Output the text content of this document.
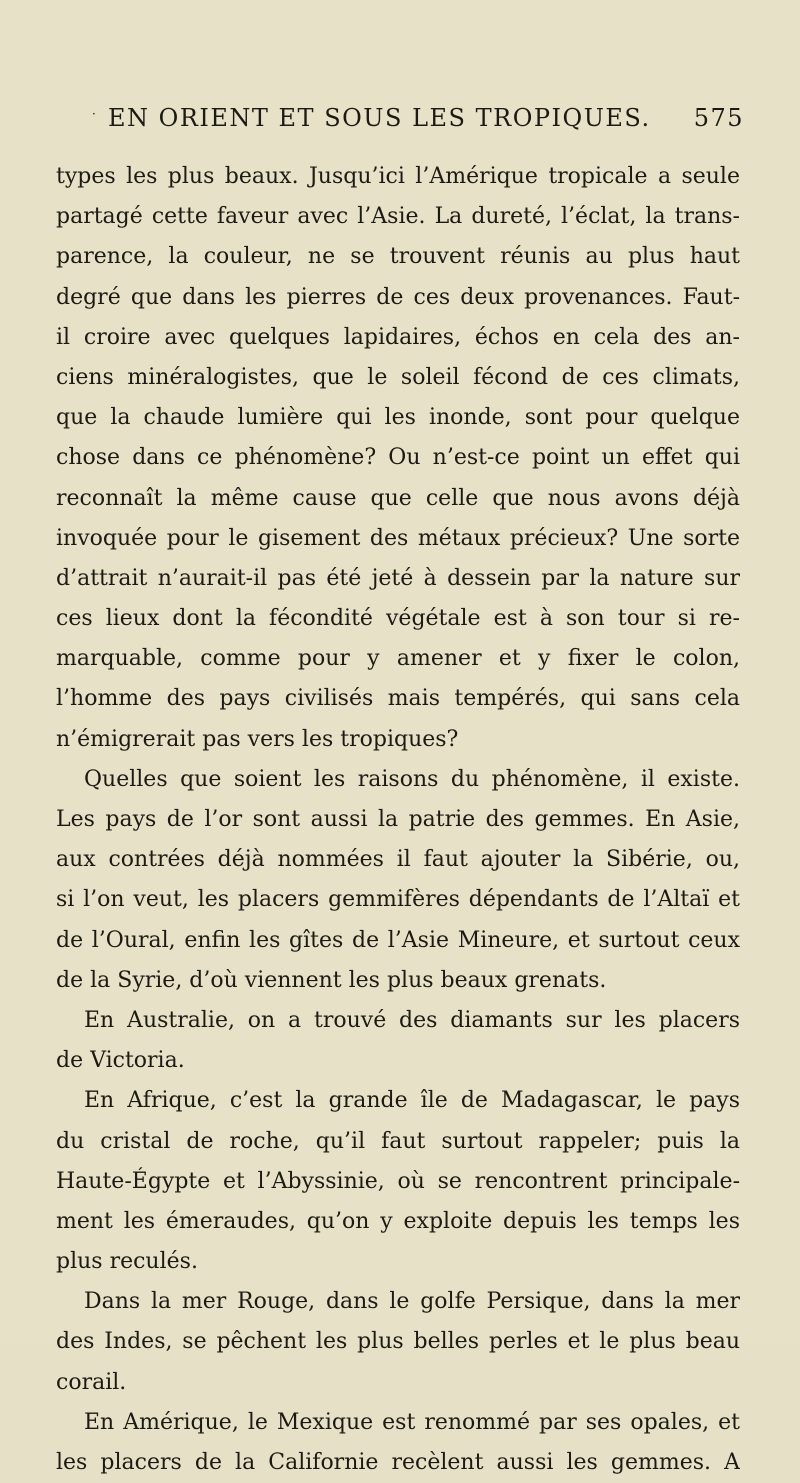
· EN ORIENT ET SOUS LES TROPIQUES. 575
types les plus beaux. Jusqu’ici l’Amérique tropicale a seule
partagé cette faveur avec l’Asie. La dureté, l’éclat, la trans-
parence, la couleur, ne se trouvent réunis au plus haut
degré que dans les pierres de ces deux provenances. Faut-
il croire avec quelques lapidaires, échos en cela des an-
ciens minéralogistes, que le soleil fécond de ces climats,
que la chaude lumière qui les inonde, sont pour quelque
chose dans ce phénomène? Ou n’est-ce point un effet qui
reconnaît la même cause que celle que nous avons déjà
invoquée pour le gisement des métaux précieux? Une sorte
d’attrait n’aurait-il pas été jeté à dessein par la nature sur
ces lieux dont la fécondité végétale est à son tour si re-
marquable, comme pour y amener et y fixer le colon,
l’homme des pays civilisés mais tempérés, qui sans cela
n’émigrerait pas vers les tropiques?
Quelles que soient les raisons du phénomène, il existe.
Les pays de l’or sont aussi la patrie des gemmes. En Asie,
aux contrées déjà nommées il faut ajouter la Sibérie, ou,
si l’on veut, les placers gemmifères dépendants de l’Altaï et
de l’Oural, enfin les gîtes de l’Asie Mineure, et surtout ceux
de la Syrie, d’où viennent les plus beaux grenats.
En Australie, on a trouvé des diamants sur les placers
de Victoria.
En Afrique, c’est la grande île de Madagascar, le pays
du cristal de roche, qu’il faut surtout rappeler; puis la
Haute-Égypte et l’Abyssinie, où se rencontrent principale-
ment les émeraudes, qu’on y exploite depuis les temps les
plus reculés.
Dans la mer Rouge, dans le golfe Persique, dans la mer
des Indes, se pêchent les plus belles perles et le plus beau
corail.
En Amérique, le Mexique est renommé par ses opales, et
les placers de la Californie recèlent aussi les gemmes. A
